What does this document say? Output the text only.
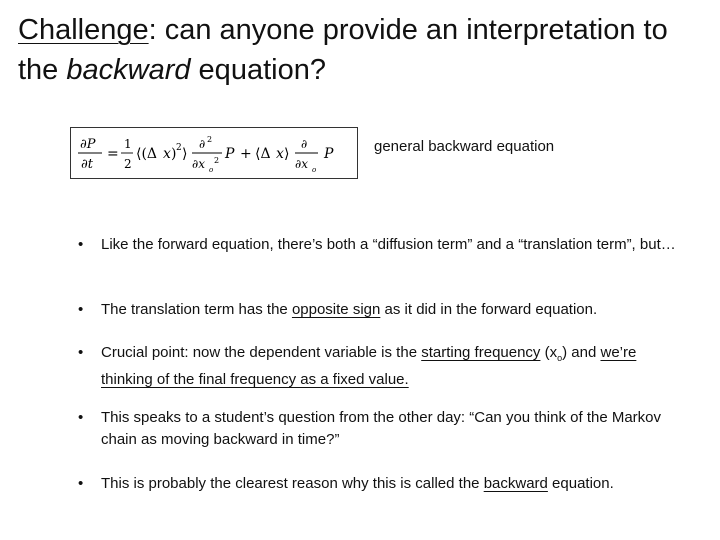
Challenge: can anyone provide an interpretation to the backward equation?
∂P
∂t
=
1
2
⟨(Δ x ) 2 ⟩
∂ 2
∂x o
2 P + ⟨Δ x ⟩
∂
∂x o
P	general backward equation
•	Like the forward equation, there’s both a “diffusion term” and a “translation term”, but…
•	The translation term has the opposite sign as it did in the forward equation.
•	Crucial point: now the dependent variable is the starting frequency $(x_o)$ and we’re thinking of the final frequency as a fixed value.
•	This speaks to a student’s question from the other day: “Can you think of the Markov chain as moving backward in time?”
•	This is probably the clearest reason why this is called the backward equation.
